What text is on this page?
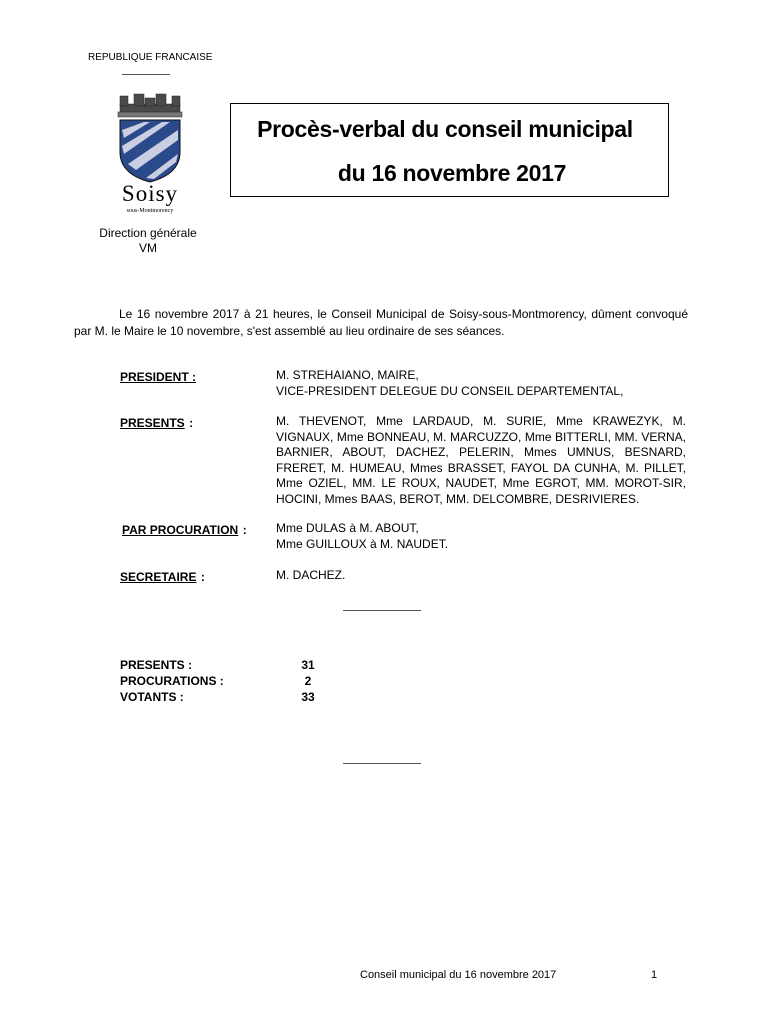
REPUBLIQUE FRANCAISE
Soisy
sous-Montmorency
Direction générale
VM
Procès-verbal du conseil municipal
du 16 novembre 2017
Le 16 novembre 2017 à 21 heures, le Conseil Municipal de Soisy-sous-Montmorency, dûment convoqué par M. le Maire le 10 novembre, s'est assemblé au lieu ordinaire de ses séances.
PRESIDENT :	M. STREHAIANO, MAIRE,
VICE-PRESIDENT DELEGUE DU CONSEIL DEPARTEMENTAL,
PRESENTS :	M. THEVENOT, Mme LARDAUD, M. SURIE, Mme KRAWEZYK, M. VIGNAUX, Mme BONNEAU, M. MARCUZZO, Mme BITTERLI, MM. VERNA, BARNIER, ABOUT, DACHEZ, PELERIN, Mmes UMNUS, BESNARD, FRERET, M. HUMEAU, Mmes BRASSET, FAYOL DA CUNHA, M. PILLET, Mme OZIEL, MM. LE ROUX, NAUDET, Mme EGROT, MM. MOROT-SIR, HOCINI, Mmes BAAS, BEROT, MM. DELCOMBRE, DESRIVIERES.
PAR PROCURATION : Mme DULAS à M. ABOUT,
Mme GUILLOUX à M. NAUDET.
SECRETAIRE :	M. DACHEZ.
PRESENTS :	31
PROCURATIONS :	2
VOTANTS :	33
Conseil municipal du 16 novembre 2017	1
